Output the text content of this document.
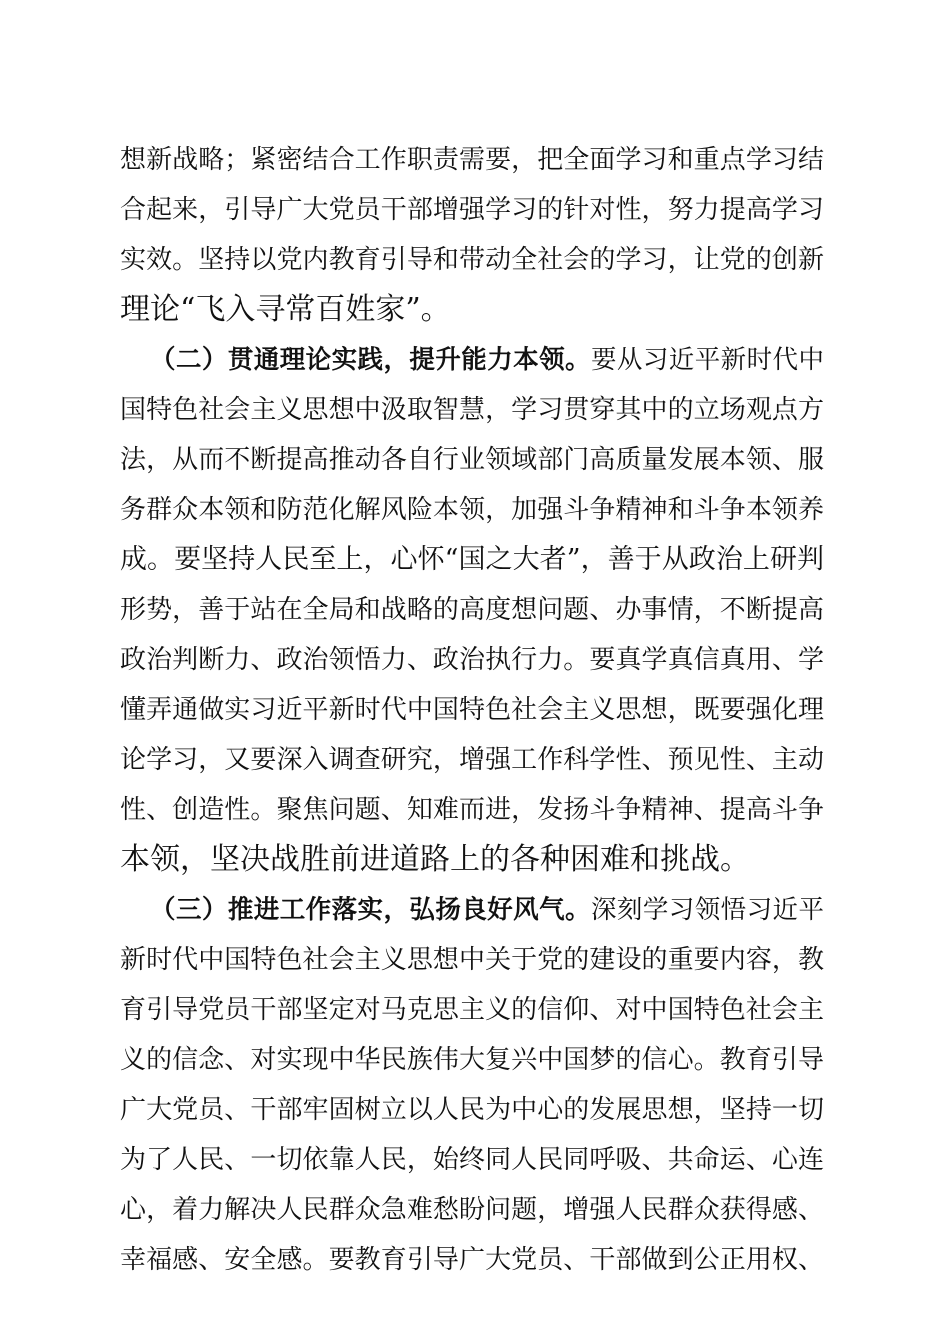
想新战略；紧密结合工作职责需要，把全面学习和重点学习结
合起来，引导广大党员干部增强学习的针对性，努力提高学习
实效。坚持以党内教育引导和带动全社会的学习，让党的创新
理论“飞入寻常百姓家”。
（二）贯通理论实践，提升能力本领。要从习近平新时代中
国特色社会主义思想中汲取智慧，学习贯穿其中的立场观点方
法，从而不断提高推动各自行业领域部门高质量发展本领、服
务群众本领和防范化解风险本领，加强斗争精神和斗争本领养
成。要坚持人民至上，心怀“国之大者”，善于从政治上研判
形势，善于站在全局和战略的高度想问题、办事情，不断提高
政治判断力、政治领悟力、政治执行力。要真学真信真用、学
懂弄通做实习近平新时代中国特色社会主义思想，既要强化理
论学习，又要深入调查研究，增强工作科学性、预见性、主动
性、创造性。聚焦问题、知难而进，发扬斗争精神、提高斗争
本领，坚决战胜前进道路上的各种困难和挑战。
（三）推进工作落实，弘扬良好风气。深刻学习领悟习近平
新时代中国特色社会主义思想中关于党的建设的重要内容，教
育引导党员干部坚定对马克思主义的信仰、对中国特色社会主
义的信念、对实现中华民族伟大复兴中国梦的信心。教育引导
广大党员、干部牢固树立以人民为中心的发展思想，坚持一切
为了人民、一切依靠人民，始终同人民同呼吸、共命运、心连
心，着力解决人民群众急难愁盼问题，增强人民群众获得感、
幸福感、安全感。要教育引导广大党员、干部做到公正用权、
